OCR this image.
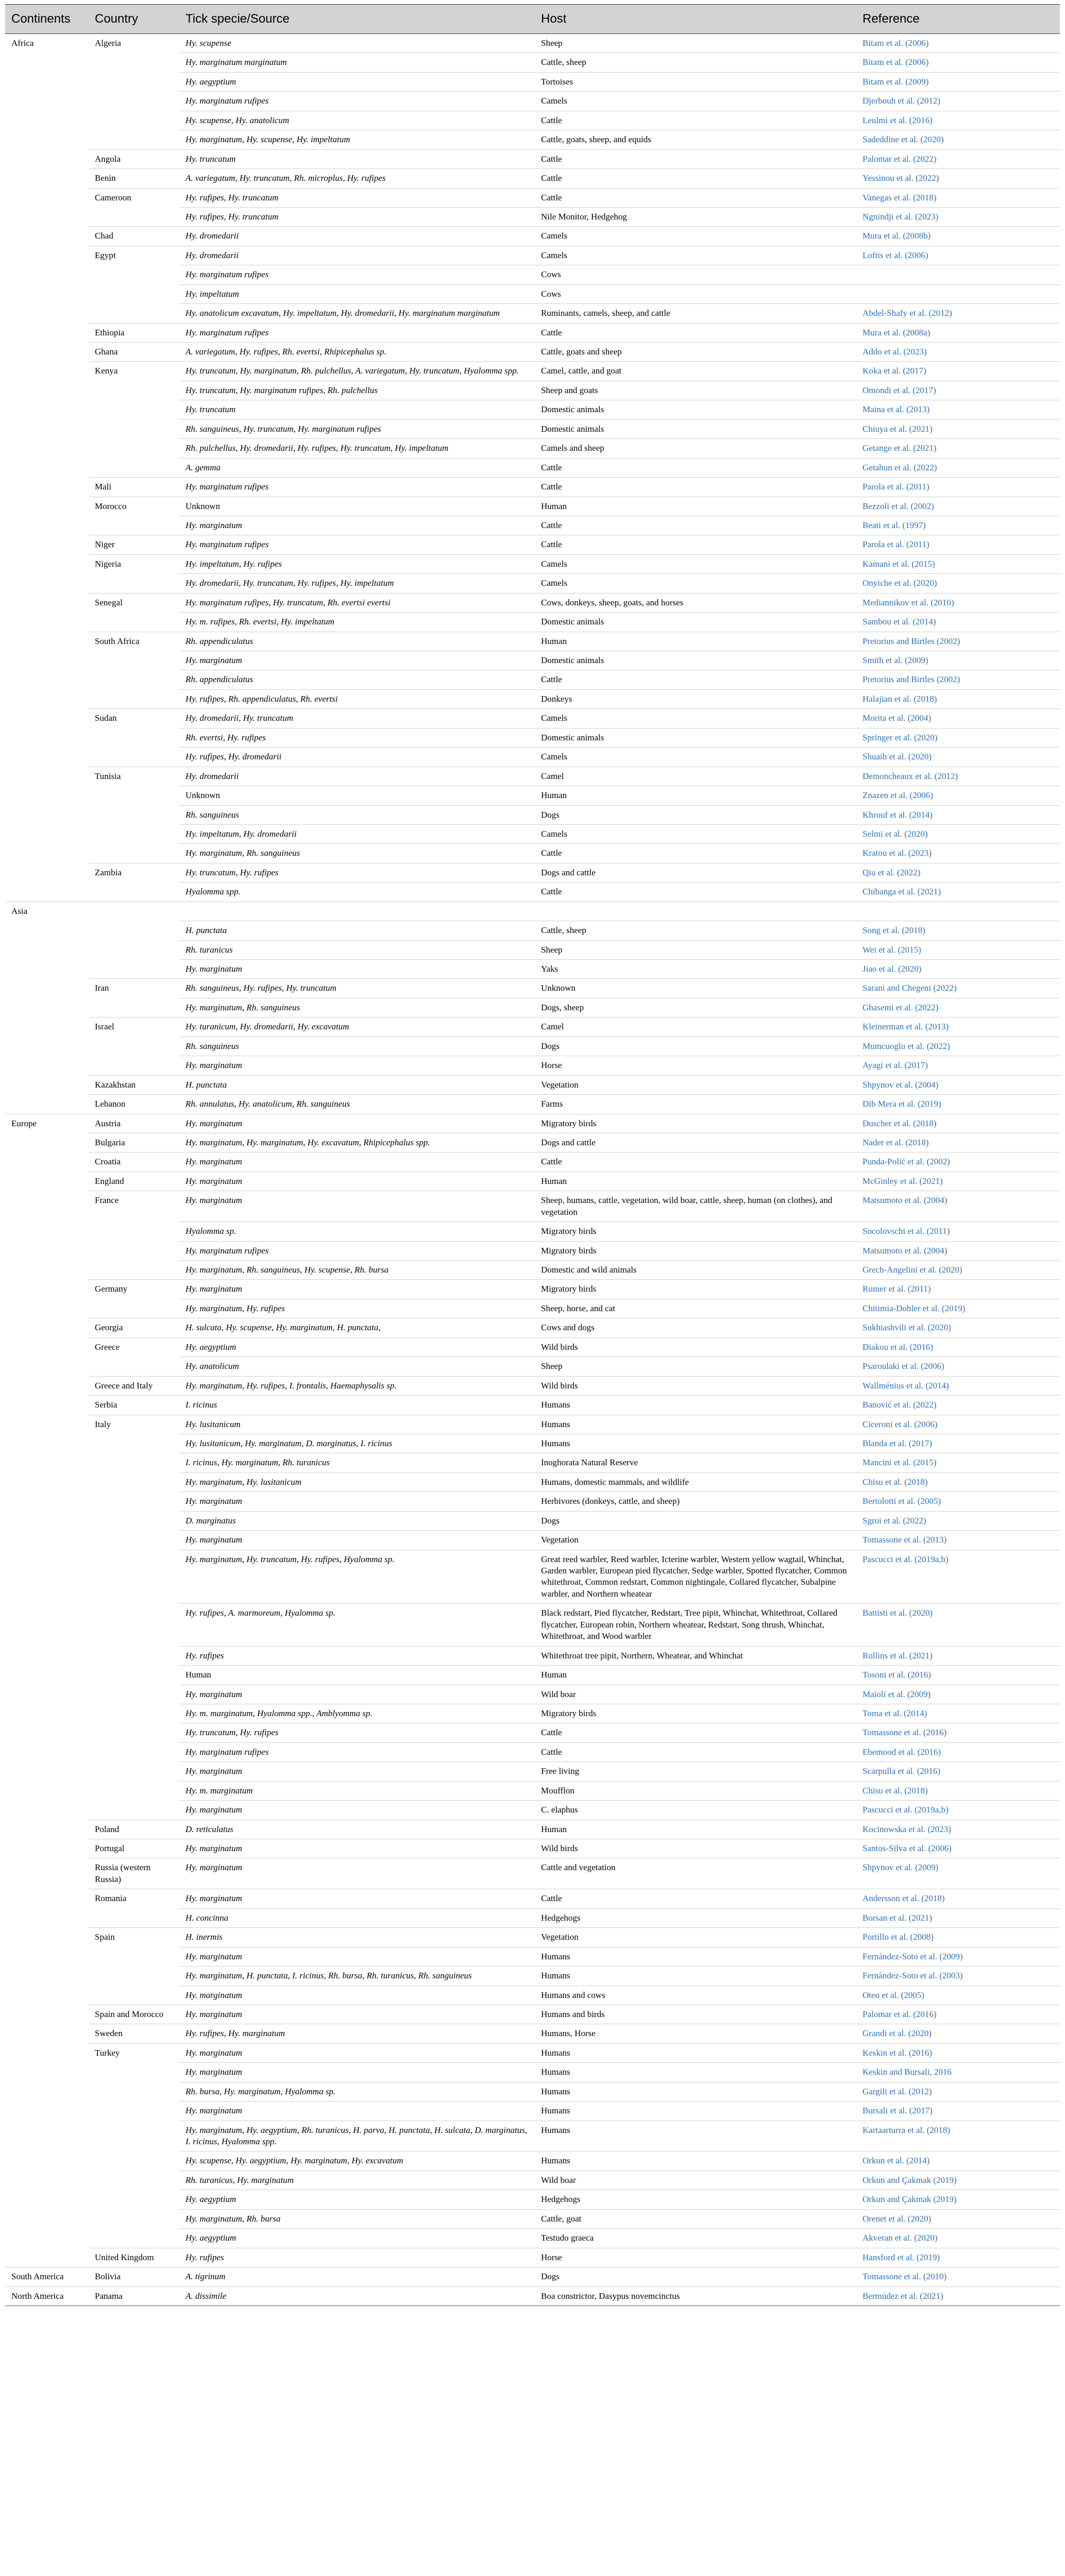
Continents	Country	Tick specie/Source	Host	Reference
Africa	Algeria	Hy. scupense	Sheep	Bitam et al. (2006)
		Hy. marginatum marginatum	Cattle, sheep	Bitam et al. (2006)
		Hy. aegyptium	Tortoises	Bitam et al. (2009)
		Hy. marginatum rufipes	Camels	Djerbouh et al. (2012)
		Hy. scupense, Hy. anatolicum	Cattle	Leulmi et al. (2016)
		Hy. marginatum, Hy. scupense, Hy. impeltatum	Cattle, goats, sheep, and equids	Sadeddine et al. (2020)
	Angola	Hy. truncatum	Cattle	Palomar et al. (2022)
	Benin	A. variegatum, Hy. truncatum, Rh. microplus, Hy. rufipes	Cattle	Yessinou et al. (2022)
	Cameroon	Hy. rufipes, Hy. truncatum	Cattle	Vanegas et al. (2018)
		Hy. rufipes, Hy. truncatum	Nile Monitor, Hedgehog	Ngnindji et al. (2023)
	Chad	Hy. dromedarii	Camels	Mura et al. (2008b)
	Egypt	Hy. dromedarii	Camels	Loftis et al. (2006)
		Hy. marginatum rufipes	Cows	
		Hy. impeltatum	Cows	
		Hy. anatolicum excavatum, Hy. impeltatum, Hy. dromedarii, Hy. marginatum marginatum	Ruminants, camels, sheep, and cattle	Abdel-Shafy et al. (2012)
	Ethiopia	Hy. marginatum rufipes	Cattle	Mura et al. (2008a)
	Ghana	A. variegatum, Hy. rufipes, Rh. evertsi, Rhipicephalus sp.	Cattle, goats and sheep	Addo et al. (2023)
	Kenya	Hy. truncatum, Hy. marginatum, Rh. pulchellus, A. variegatum, Hy. truncatum, Hyalomma spp.	Camel, cattle, and goat	Koka et al. (2017)
		Hy. truncatum, Hy. marginatum rufipes, Rh. pulchellus	Sheep and goats	Omondi et al. (2017)
		Hy. truncatum	Domestic animals	Maina et al. (2013)
		Rh. sanguineus, Hy. truncatum, Hy. marginatum rufipes	Domestic animals	Chiuya et al. (2021)
		Rh. pulchellus, Hy. dromedarii, Hy. rufipes, Hy. truncatum, Hy. impeltatum	Camels and sheep	Getange et al. (2021)
		A. gemma	Cattle	Getahun et al. (2022)
	Mali	Hy. marginatum rufipes	Cattle	Parola et al. (2011)
	Morocco	Unknown	Human	Bezzoli et al. (2002)
		Hy. marginatum	Cattle	Beati et al. (1997)
	Niger	Hy. marginatum rufipes	Cattle	Parola et al. (2011)
	Nigeria	Hy. impeltatum, Hy. rufipes	Camels	Kamani et al. (2015)
		Hy. dromedarii, Hy. truncatum, Hy. rufipes, Hy. impeltatum	Camels	Onyiche et al. (2020)
	Senegal	Hy. marginatum rufipes, Hy. truncatum, Rh. evertsi evertsi	Cows, donkeys, sheep, goats, and horses	Mediannikov et al. (2010)
		Hy. m. rufipes, Rh. evertsi, Hy. impeltatum	Domestic animals	Sambou et al. (2014)
	South Africa	Rh. appendiculatus	Human	Pretorius and Birtles (2002)
		Hy. marginatum	Domestic animals	Smith et al. (2009)
		Rh. appendiculatus	Cattle	Pretorius and Birtles (2002)
		Hy. rufipes, Rh. appendiculatus, Rh. evertsi	Donkeys	Halajian et al. (2018)
	Sudan	Hy. dromedarii, Hy. truncatum	Camels	Morita et al. (2004)
		Rh. evertsi, Hy. rufipes	Domestic animals	Springer et al. (2020)
		Hy. rufipes, Hy. dromedarii	Camels	Shuaib et al. (2020)
	Tunisia	Hy. dromedarii	Camel	Demoncheaux et al. (2012)
		Unknown	Human	Znazen et al. (2006)
		Rh. sanguineus	Dogs	Khrouf et al. (2014)
		Hy. impeltatum, Hy. dromedarii	Camels	Selmi et al. (2020)
		Hy. marginatum, Rh. sanguineus	Cattle	Kratou et al. (2023)
	Zambia	Hy. truncatum, Hy. rufipes	Dogs and cattle	Qiu et al. (2022)
		Hyalomma spp.	Cattle	Chibanga et al. (2021)
Asia				
		H. punctata	Cattle, sheep	Song et al. (2018)
		Rh. turanicus	Sheep	Wei et al. (2015)
		Hy. marginatum	Yaks	Jiao et al. (2020)
	Iran	Rh. sanguineus, Hy. rufipes, Hy. truncatum	Unknown	Sarani and Chegeni (2022)
		Hy. marginatum, Rh. sanguineus	Dogs, sheep	Ghasemi et al. (2022)
	Israel	Hy. turanicum, Hy. dromedarii, Hy. excavatum	Camel	Kleinerman et al. (2013)
		Rh. sanguineus	Dogs	Mumcuoglu et al. (2022)
		Hy. marginatum	Horse	Ayagi et al. (2017)
	Kazakhstan	H. punctata	Vegetation	Shpynov et al. (2004)
	Lebanon	Rh. annulatus, Hy. anatolicum, Rh. sanguineus	Farms	Dib Mera et al. (2019)
Europe	Austria	Hy. marginatum	Migratory birds	Duscher et al. (2018)
	Bulgaria	Hy. marginatum, Hy. marginatum, Hy. excavatum, Rhipicephalus spp.	Dogs and cattle	Nader et al. (2018)
	Croatia	Hy. marginatum	Cattle	Punda-Polić et al. (2002)
	England	Hy. marginatum	Human	McGinley et al. (2021)
	France	Hy. marginatum	Sheep, humans, cattle, vegetation, wild boar, cattle, sheep, human (on clothes), and vegetation	Matsumoto et al. (2004)
		Hyalomma sp.	Migratory birds	Socolovschi et al. (2011)
		Hy. marginatum rufipes	Migratory birds	Matsumoto et al. (2004)
		Hy. marginatum, Rh. sanguineus, Hy. scupense, Rh. bursa	Domestic and wild animals	Grech-Angelini et al. (2020)
	Germany	Hy. marginatum	Migratory birds	Rumer et al. (2011)
		Hy. marginatum, Hy. rufipes	Sheep, horse, and cat	Chitimia-Dobler et al. (2019)
	Georgia	H. sulcata, Hy. scupense, Hy. marginatum, H. punctata,	Cows and dogs	Sukhiashvili et al. (2020)
	Greece	Hy. aegyptium	Wild birds	Diakou et al. (2016)
		Hy. anatolicum	Sheep	Psaroulaki et al. (2006)
	Greece and Italy	Hy. marginatum, Hy. rufipes, I. frontalis, Haemaphysalis sp.	Wild birds	Wallménius et al. (2014)
	Serbia	I. ricinus	Humans	Banović et al. (2022)
	Italy	Hy. lusitanicum	Humans	Ciceroni et al. (2006)
		Hy. lusitanicum, Hy. marginatum, D. marginatus, I. ricinus	Humans	Blanda et al. (2017)
		I. ricinus, Hy. marginatum, Rh. turanicus	Inoghorata Natural Reserve	Mancini et al. (2015)
		Hy. marginatum, Hy. lusitanicum	Humans, domestic mammals, and wildlife	Chisu et al. (2018)
		Hy. marginatum	Herbivores (donkeys, cattle, and sheep)	Bertolotti et al. (2005)
		D. marginatus	Dogs	Sgroi et al. (2022)
		Hy. marginatum	Vegetation	Tomassone et al. (2013)
		Hy. marginatum, Hy. truncatum, Hy. rufipes, Hyalomma sp.	Great reed warbler, Reed warbler, Icterine warbler, Western yellow wagtail, Whinchat, Garden warbler, European pied flycatcher, Sedge warbler, Spotted flycatcher, Common whitethroat, Common redstart, Common nightingale, Collared flycatcher, Subalpine warbler, and Northern wheatear	Pascucci et al. (2019a,b)
		Hy. rufipes, A. marmoreum, Hyalomma sp.	Black redstart, Pied flycatcher, Redstart, Tree pipit, Whinchat, Whitethroat, Collared flycatcher, European robin, Northern wheatear, Redstart, Song thrush, Whinchat, Whitethroat, and Wood warbler	Battisti et al. (2020)
		Hy. rufipes	Whitethroat tree pipit, Northern, Wheatear, and Whinchat	Rollins et al. (2021)
		Human	Human	Tosoni et al. (2016)
		Hy. marginatum	Wild boar	Maioli et al. (2009)
		Hy. m. marginatum, Hyalomma spp., Amblyomma sp.	Migratory birds	Toma et al. (2014)
		Hy. truncatum, Hy. rufipes	Cattle	Tomassone et al. (2016)
		Hy. marginatum rufipes	Cattle	Ebemood et al. (2016)
		Hy. marginatum	Free living	Scarpulla et al. (2016)
		Hy. m. marginatum	Moufflon	Chisu et al. (2018)
		Hy. marginatum	C. elaphus	Pascucci et al. (2019a,b)
	Poland	D. reticulatus	Human	Kocinowska et al. (2023)
	Portugal	Hy. marginatum	Wild birds	Santos-Silva et al. (2006)
	Russia (western Russia)	Hy. marginatum	Cattle and vegetation	Shpynov et al. (2009)
	Romania	Hy. marginatum	Cattle	Andersson et al. (2018)
		H. concinna	Hedgehogs	Borsan et al. (2021)
	Spain	H. inermis	Vegetation	Portillo et al. (2008)
		Hy. marginatum	Humans	Fernández-Soto et al. (2009)
		Hy. marginatum, H. punctata, I. ricinus, Rh. bursa, Rh. turanicus, Rh. sanguineus	Humans	Fernández-Soto et al. (2003)
		Hy. marginatum	Humans and cows	Oteo et al. (2005)
	Spain and Morocco	Hy. marginatum	Humans and birds	Palomar et al. (2016)
	Sweden	Hy. rufipes, Hy. marginatum	Humans, Horse	Grandi et al. (2020)
	Turkey	Hy. marginatum	Humans	Keskin et al. (2016)
		Hy. marginatum	Humans	Keskin and Bursali, 2016
		Rh. bursa, Hy. marginatum, Hyalomma sp.	Humans	Gargili et al. (2012)
		Hy. marginatum	Humans	Bursali et al. (2017)
		Hy. marginatum, Hy. aegyptium, Rh. turanicus, H. parva, H. punctata, H. sulcata, D. marginatus, I. ricinus, Hyalomma spp.	Humans	Kartaarturra et al. (2018)
		Hy. scupense, Hy. aegyptium, Hy. marginatum, Hy. excavatum	Humans	Orkun et al. (2014)
		Rh. turanicus, Hy. marginatum	Wild boar	Orkun and Çakmak (2019)
		Hy. aegyptium	Hedgehogs	Orkun and Çakmak (2019)
		Hy. marginatum, Rh. bursa	Cattle, goat	Orenet et al. (2020)
		Hy. aegyptium	Testudo graeca	Akveran et al. (2020)
	United Kingdom	Hy. rufipes	Horse	Hansford et al. (2019)
South America	Bolivia	A. tigrinum	Dogs	Tomassone et al. (2010)
North America	Panama	A. dissimile	Boa constrictor, Dasypus novemcinctus	Bermúdez et al. (2021)
